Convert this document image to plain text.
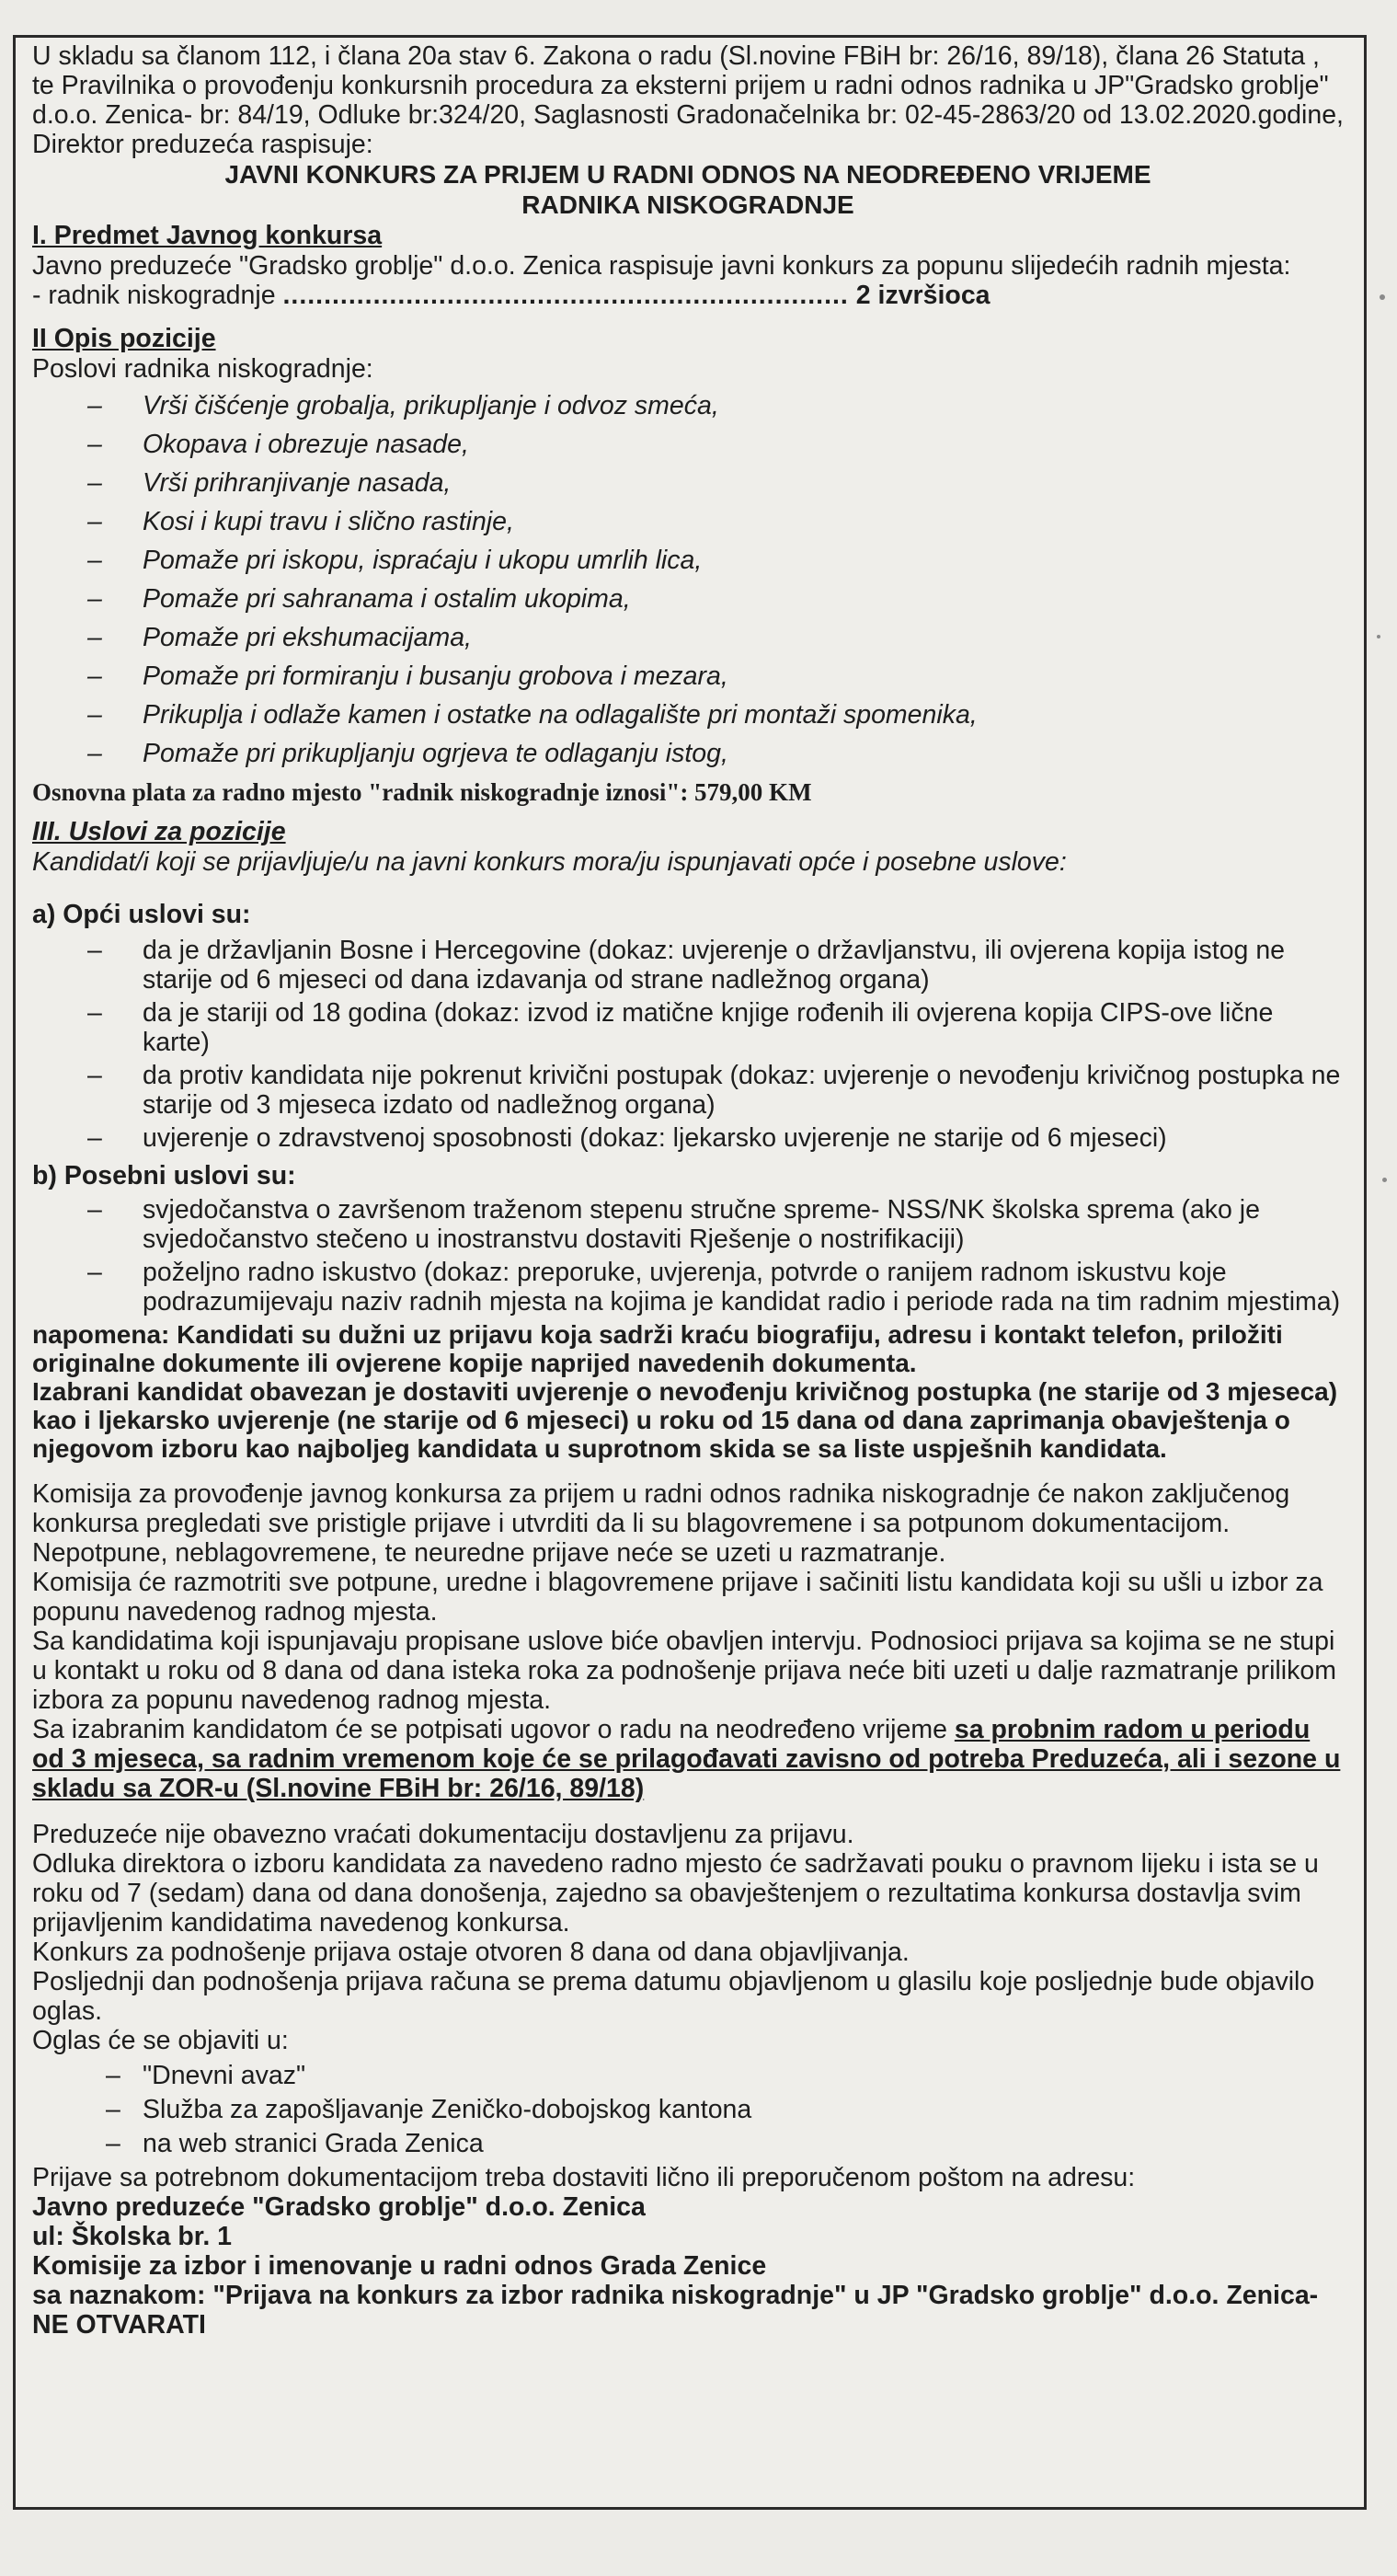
U skladu sa članom 112, i člana 20a stav 6. Zakona o radu (Sl.novine FBiH br: 26/16, 89/18), člana 26 Statuta , te Pravilnika o provođenju konkursnih procedura za eksterni prijem u radni odnos radnika u JP"Gradsko groblje" d.o.o. Zenica- br: 84/19, Odluke br:324/20, Saglasnosti Gradonačelnika br: 02-45-2863/20 od 13.02.2020.godine, Direktor preduzeća raspisuje:

JAVNI KONKURS ZA PRIJEM U RADNI ODNOS NA NEODREĐENO VRIJEME

RADNIKA NISKOGRADNJE

I. Predmet Javnog konkursa

Javno preduzeće "Gradsko groblje" d.o.o. Zenica raspisuje javni konkurs za popunu slijedećih radnih mjesta:

- radnik niskogradnje ..................................................................... 2 izvršioca

II Opis pozicije

Poslovi radnika niskogradnje:

– Vrši čišćenje grobalja, prikupljanje i odvoz smeća,
– Okopava i obrezuje nasade,
– Vrši prihranjivanje nasada,
– Kosi i kupi travu i slično rastinje,
– Pomaže pri iskopu, ispraćaju i ukopu umrlih lica,
– Pomaže pri sahranama i ostalim ukopima,
– Pomaže pri ekshumacijama,
– Pomaže pri formiranju i busanju grobova i mezara,
– Prikuplja i odlaže kamen i ostatke na odlagalište pri montaži spomenika,
– Pomaže pri prikupljanju ogrjeva te odlaganju istog,

Osnovna plata za radno mjesto "radnik niskogradnje iznosi": 579,00 KM

III. Uslovi za pozicije

Kandidat/i koji se prijavljuje/u na javni konkurs mora/ju ispunjavati opće i posebne uslove:

a) Opći uslovi su:

– da je državljanin Bosne i Hercegovine (dokaz: uvjerenje o državljanstvu, ili ovjerena kopija istog ne starije od 6 mjeseci od dana izdavanja od strane nadležnog organa)
– da je stariji od 18 godina (dokaz: izvod iz matične knjige rođenih ili ovjerena kopija CIPS-ove lične karte)
– da protiv kandidata nije pokrenut krivični postupak (dokaz: uvjerenje o nevođenju krivičnog postupka ne starije od 3 mjeseca izdato od nadležnog organa)
– uvjerenje o zdravstvenoj sposobnosti (dokaz: ljekarsko uvjerenje ne starije od 6 mjeseci)

b) Posebni uslovi su:

– svjedočanstva o završenom traženom stepenu stručne spreme- NSS/NK školska sprema (ako je svjedočanstvo stečeno u inostranstvu dostaviti Rješenje o nostrifikaciji)
– poželjno radno iskustvo (dokaz: preporuke, uvjerenja, potvrde o ranijem radnom iskustvu koje podrazumijevaju naziv radnih mjesta na kojima je kandidat radio i periode rada na tim radnim mjestima)

napomena: Kandidati su dužni uz prijavu koja sadrži kraću biografiju, adresu i kontakt telefon, priložiti originalne dokumente ili ovjerene kopije naprijed navedenih dokumenta.

Izabrani kandidat obavezan je dostaviti uvjerenje o nevođenju krivičnog postupka (ne starije od 3 mjeseca) kao i ljekarsko uvjerenje (ne starije od 6 mjeseci) u roku od 15 dana od dana zaprimanja obavještenja o njegovom izboru kao najboljeg kandidata u suprotnom skida se sa liste uspješnih kandidata.

Komisija za provođenje javnog konkursa za prijem u radni odnos radnika niskogradnje će nakon zaključenog konkursa pregledati sve pristigle prijave i utvrditi da li su blagovremene i sa potpunom dokumentacijom.

Nepotpune, neblagovremene, te neuredne prijave neće se uzeti u razmatranje.

Komisija će razmotriti sve potpune, uredne i blagovremene prijave i sačiniti listu kandidata koji su ušli u izbor za popunu navedenog radnog mjesta.

Sa kandidatima koji ispunjavaju propisane uslove biće obavljen intervju. Podnosioci prijava sa kojima se ne stupi u kontakt u roku od 8 dana od dana isteka roka za podnošenje prijava neće biti uzeti u dalje razmatranje prilikom izbora za popunu navedenog radnog mjesta.

Sa izabranim kandidatom će se potpisati ugovor o radu na neodređeno vrijeme sa probnim radom u periodu od 3 mjeseca, sa radnim vremenom koje će se prilagođavati zavisno od potreba Preduzeća, ali i sezone u skladu sa ZOR-u (Sl.novine FBiH br: 26/16, 89/18)

Preduzeće nije obavezno vraćati dokumentaciju dostavljenu za prijavu.

Odluka direktora o izboru kandidata za navedeno radno mjesto će sadržavati pouku o pravnom lijeku i ista se u roku od 7 (sedam) dana od dana donošenja, zajedno sa obavještenjem o rezultatima konkursa dostavlja svim prijavljenim kandidatima navedenog konkursa.

Konkurs za podnošenje prijava ostaje otvoren 8 dana od dana objavljivanja.

Posljednji dan podnošenja prijava računa se prema datumu objavljenom u glasilu koje posljednje bude objavilo oglas.

Oglas će se objaviti u:

– "Dnevni avaz"
– Služba za zapošljavanje Zeničko-dobojskog kantona
– na web stranici Grada Zenica

Prijave sa potrebnom dokumentacijom treba dostaviti lično ili preporučenom poštom na adresu:

Javno preduzeće "Gradsko groblje" d.o.o. Zenica

ul: Školska br. 1

Komisije za izbor i imenovanje u radni odnos Grada Zenice

sa naznakom: "Prijava na konkurs za izbor radnika niskogradnje" u JP "Gradsko groblje" d.o.o. Zenica- NE OTVARATI
